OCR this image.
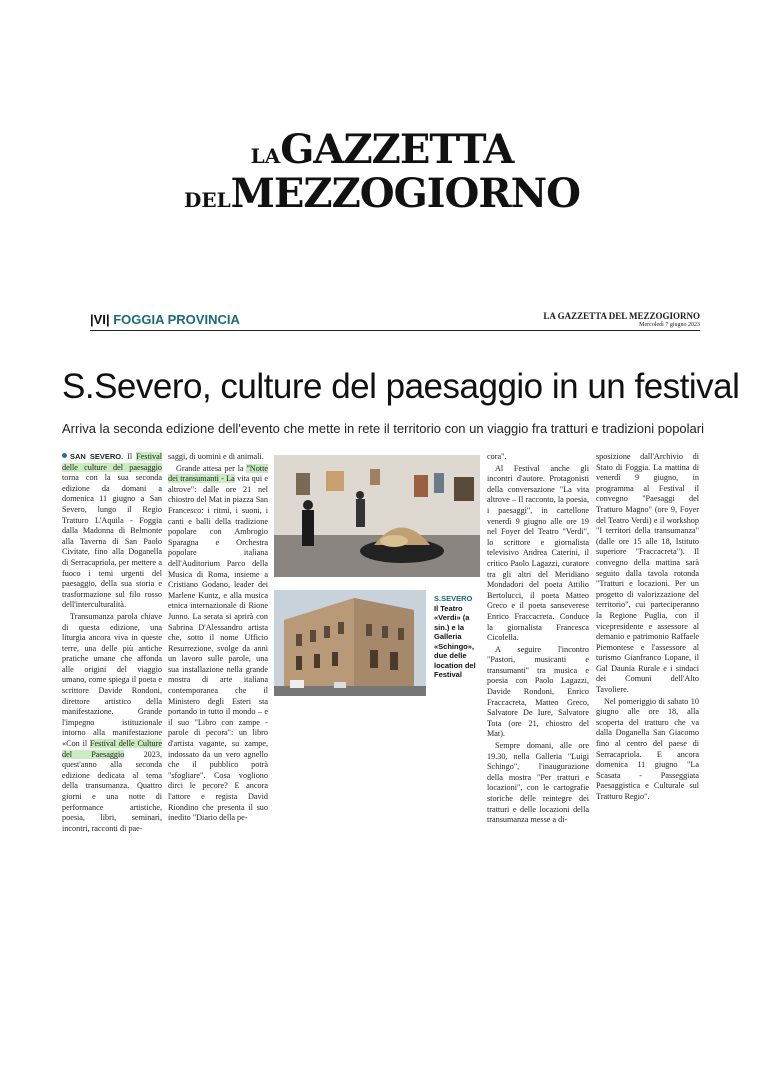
LAGAZZETTA
DELMEZZOGIORNO
|VI| FOGGIA PROVINCIA	LA GAZZETTA DEL MEZZOGIORNO
Mercoledì 7 giugno 2023
S.Severo, culture del paesaggio in un festival
Arriva la seconda edizione dell'evento che mette in rete il territorio con un viaggio fra tratturi e tradizioni popolari

SAN SEVERO. Il Festival delle culture del paesaggio torna con la sua seconda edizione da domani a domenica 11 giugno a San Severo, lungo il Regio Tratturo L'Aquila - Foggia dalla Madonna di Belmonte alla Taverna di San Paolo Civitate, fino alla Doganella di Serracapriola, per mettere a fuoco i temi urgenti del paesaggio, della sua storia e trasformazione sul filo rosso dell'interculturalità.

Transumanza parola chiave di questa edizione, una liturgia ancora viva in queste terre, una delle più antiche pratiche umane che affonda alle origini del viaggio umano, come spiega il poeta e scrittore Davide Rondoni, direttore artistico della manifestazione. Grande l'impegno istituzionale intorno alla manifestazione «Con il Festival delle Culture del Paesaggio 2023, quest'anno alla seconda edizione dedicata al tema della transumanza. Quattro giorni e una notte di performance artistiche, poesia, libri, seminari, incontri, racconti di pae-

saggi, di uomini e di animali.

Grande attesa per la "Notte dei transumanti - La vita qui e altrove": dalle ore 21 nel chiostro del Mat in piazza San Francesco: i ritmi, i suoni, i canti e balli della tradizione popolare con Ambrogio Sparagna e Orchestra popolare italiana dell'Auditorium Parco della Musica di Roma, insieme a Cristiano Godano, leader dei Marlene Kuntz, e alla musica etnica internazionale di Rione Junno. La serata si aprirà con Sabrina D'Alessandro artista che, sotto il nome Ufficio Resurrezione, svolge da anni un lavoro sulle parole, una sua installazione nella grande mostra di arte italiana contemporanea che il Ministero degli Esteri sta portando in tutto il mondo – e il suo "Libro con zampe - parole di pecora": un libro d'artista vagante, su zampe, indossato da un vero agnello che il pubblico potrà "sfogliare". Cosa vogliono dirci le pecore? E ancora l'attore e regista David Riondino che presenta il suo inedito "Diario della pe-

S.SEVERO
Il Teatro «Verdi» (a sin.) e la Galleria «Schingo», due delle location del Festival

cora".

Al Festival anche gli incontri d'autore. Protagonisti della conversazione "La vita altrove – Il racconto, la poesia, i paesaggi", in cartellone venerdì 9 giugno alle ore 19 nel Foyer del Teatro "Verdi", lo scrittore e giornalista televisivo Andrea Caterini, il critico Paolo Lagazzi, curatore tra gli altri del Meridiano Mondadori del poeta Attilio Bertolucci, il poeta Matteo Greco e il poeta sanseverese Enrico Fraccacreta. Conduce la giornalista Francesca Cicolella.

A seguire l'incontro "Pastori, musicanti e transumanti" tra musica e poesia con Paolo Lagazzi, Davide Rondoni, Enrico Fraccacreta, Matteo Greco, Salvatore De Iure, Salvatore Tota (ore 21, chiostro del Mat).

Sempre domani, alle ore 19.30, nella Galleria "Luigi Schingo", l'inaugurazione della mostra "Per tratturi e locazioni", con le cartografie storiche delle reintegre dei tratturi e delle locazioni della transumanza messe a di-

sposizione dall'Archivio di Stato di Foggia. La mattina di venerdì 9 giugno, in programma al Festival il convegno "Paesaggi del Tratturo Magno" (ore 9, Foyer del Teatro Verdi) e il workshop "I territori della transumanza" (dalle ore 15 alle 18, Istituto superiore "Fraccacreta"). Il convegno della mattina sarà seguito dalla tavola rotonda "Tratturi e locazioni. Per un progetto di valorizzazione del territorio", cui parteciperanno la Regione Puglia, con il vicepresidente e assessore al demanio e patrimonio Raffaele Piemontese e l'assessore al turismo Gianfranco Lopane, il Gal Daunia Rurale e i sindaci dei Comuni dell'Alto Tavoliere.

Nel pomeriggio di sabato 10 giugno alle ore 18, alla scoperta del tratturo che va dalla Doganella San Giacomo fino al centro del paese di Serracapriola. E ancora domenica 11 giugno "La Scasata - Passeggiata Paesaggistica e Culturale sul Tratturo Regio".
